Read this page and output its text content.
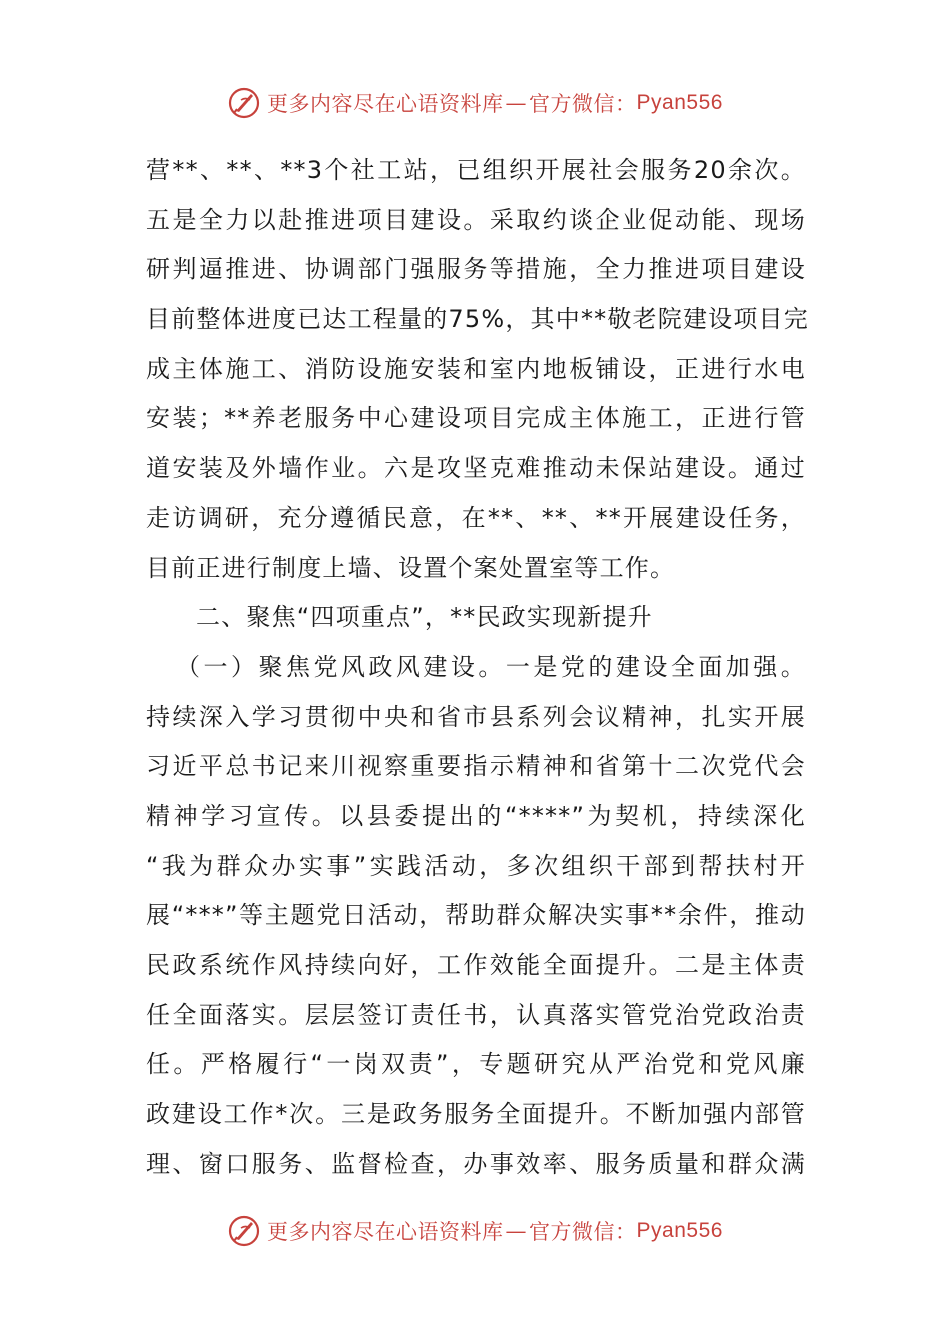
更多内容尽在心语资料库 — 官方微信： Pyan556
营**、**、**3个社工站，已组织开展社会服务20余次。
五是全力以赴推进项目建设。采取约谈企业促动能、现场
研判逼推进、协调部门强服务等措施，全力推进项目建设
目前整体进度已达工程量的75%，其中**敬老院建设项目完
成主体施工、消防设施安装和室内地板铺设，正进行水电
安装；**养老服务中心建设项目完成主体施工，正进行管
道安装及外墙作业。六是攻坚克难推动未保站建设。通过
走访调研，充分遵循民意，在**、**、**开展建设任务，
目前正进行制度上墙、设置个案处置室等工作。
二、聚焦“四项重点”，**民政实现新提升
（一）聚焦党风政风建设。一是党的建设全面加强。
持续深入学习贯彻中央和省市县系列会议精神，扎实开展
习近平总书记来川视察重要指示精神和省第十二次党代会
精神学习宣传。以县委提出的“****”为契机，持续深化
“我为群众办实事”实践活动，多次组织干部到帮扶村开
展“***”等主题党日活动，帮助群众解决实事**余件，推动
民政系统作风持续向好，工作效能全面提升。二是主体责
任全面落实。层层签订责任书，认真落实管党治党政治责
任。严格履行“一岗双责”，专题研究从严治党和党风廉
政建设工作*次。三是政务服务全面提升。不断加强内部管
理、窗口服务、监督检查，办事效率、服务质量和群众满
更多内容尽在心语资料库 — 官方微信： Pyan556
